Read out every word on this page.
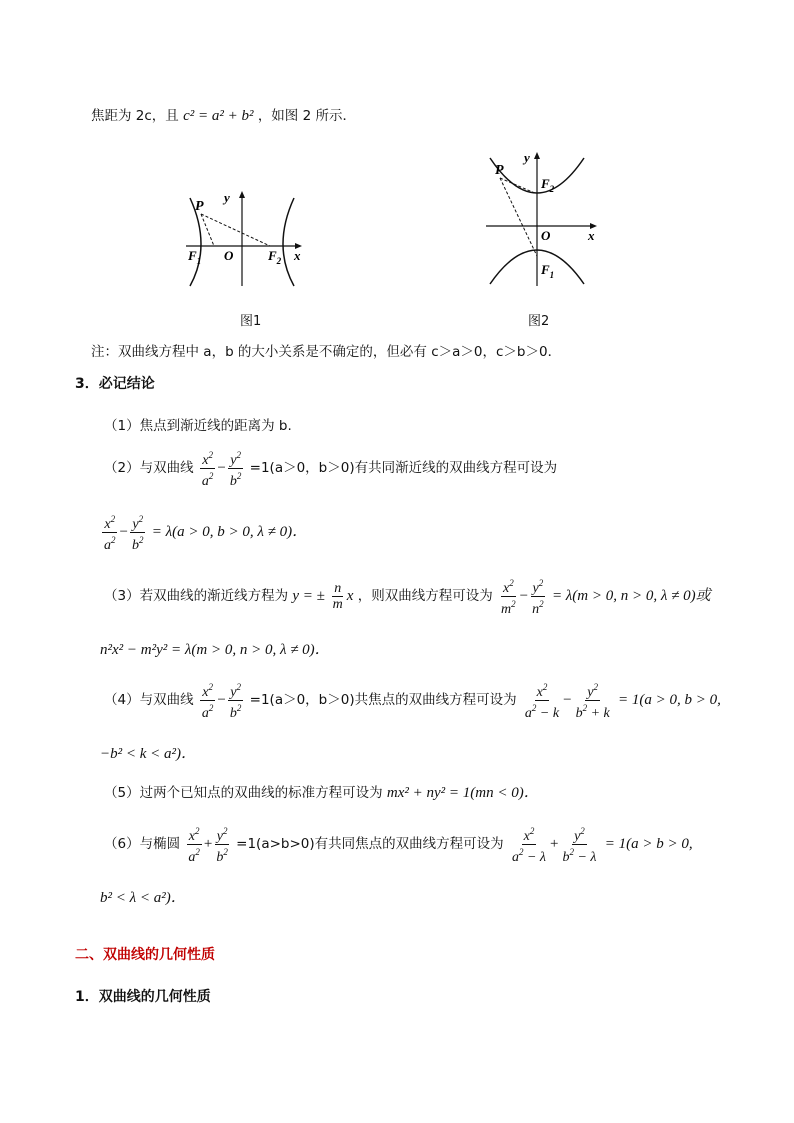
焦距为 2c，且 c² = a² + b² ，如图 2 所示．
P
y
O	x
$F_1$	$F_2$
图1
P
y
O	x
$F_2$
$F_1$
图2
注：双曲线方程中 a，b 的大小关系是不确定的，但必有 c＞a＞0，c＞b＞0．
3．必记结论
（1）焦点到渐近线的距离为 b.
（2）与双曲线 $\frac{x^2}{a^2} - \frac{y^2}{b^2} =1(a>0$，b＞0)有共同渐近线的双曲线方程可设为
$\frac{x^2}{a^2} - \frac{y^2}{b^2} = \lambda(a > 0$, b > 0, λ ≠ 0)．
（3）若双曲线的渐近线方程为 y = ± $\frac{n}{m}$ x ，则双曲线方程可设为 $\frac{x^2}{m^2} - \frac{y^2}{n^2} = \lambda(m > 0$, n > 0, λ ≠ 0)或
n²x² − m²y² = λ(m > 0, n > 0, λ ≠ 0)．
（4）与双曲线 $\frac{x^2}{a^2} - \frac{y^2}{b^2} =1(a>0$，b＞0)共焦点的双曲线方程可设为 $\frac{x^2}{a^2 - k} - \frac{y^2}{b^2 + k} = 1(a > 0$, b > 0,
−b² < k < a²)．
（5）过两个已知点的双曲线的标准方程可设为 mx² + ny² = 1(mn < 0)．
（6）与椭圆 $\frac{x^2}{a^2} + \frac{y^2}{b^2} =1(a>b>0)$有共同焦点的双曲线方程可设为 $\frac{x^2}{a^2 - \lambda} + \frac{y^2}{b^2 - \lambda} = 1(a > b > 0$,
b² < λ < a²)．
二、双曲线的几何性质
1．双曲线的几何性质
